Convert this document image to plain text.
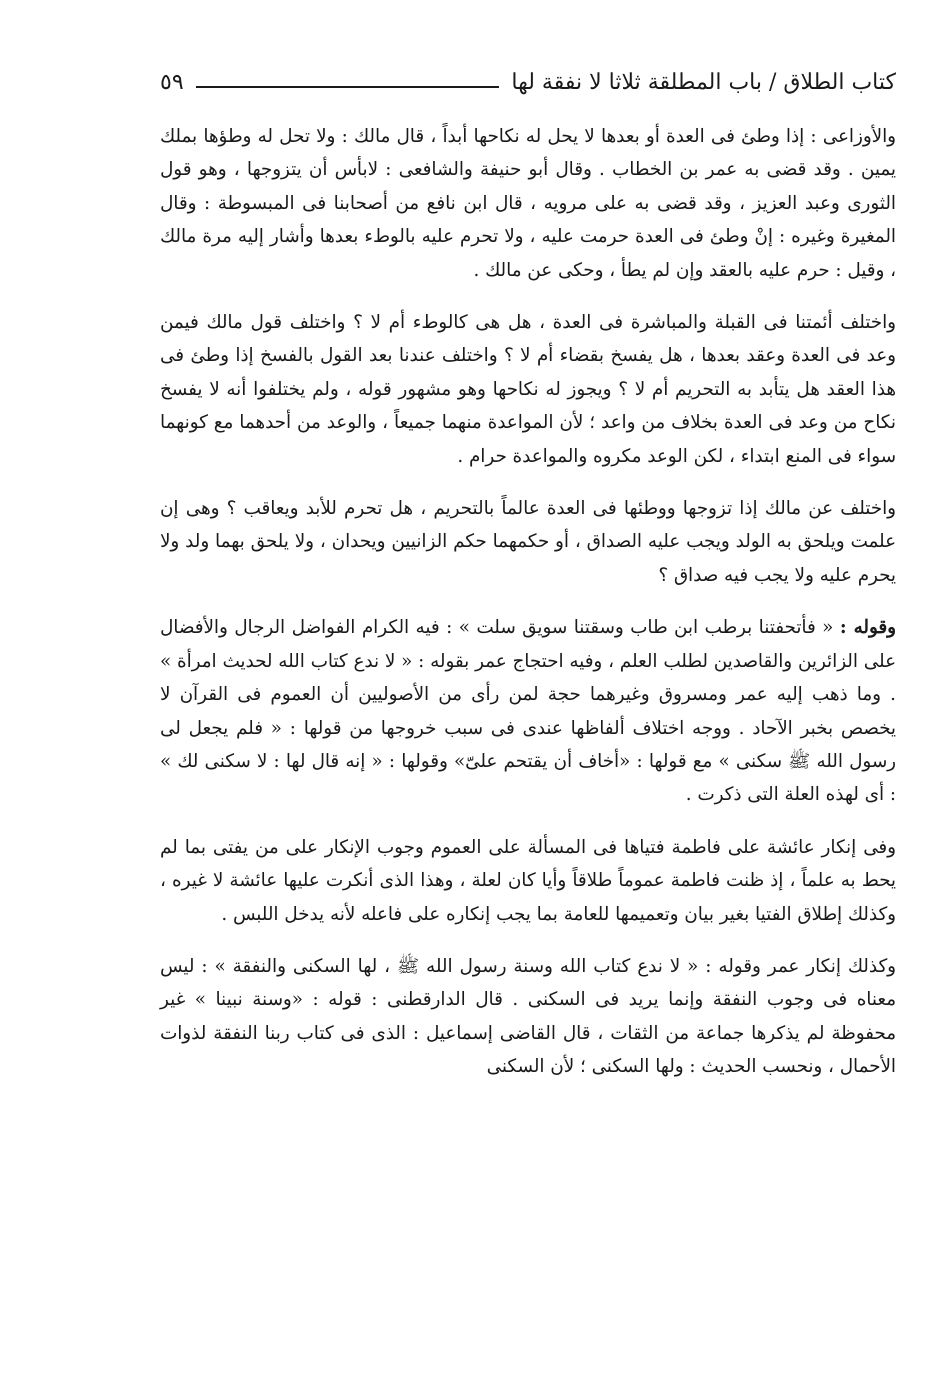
كتاب الطلاق / باب المطلقة ثلاثا لا نفقة لها
٥٩

والأوزاعى : إذا وطئ فى العدة أو بعدها لا يحل له نكاحها أبداً ، قال مالك : ولا تحل له وطؤها بملك يمين . وقد قضى به عمر بن الخطاب . وقال أبو حنيفة والشافعى : لابأس أن يتزوجها ، وهو قول الثورى وعبد العزيز ، وقد قضى به على مرويه ، قال ابن نافع من أصحابنا فى المبسوطة : وقال المغيرة وغيره : إنْ وطئ فى العدة حرمت عليه ، ولا تحرم عليه بالوطء بعدها وأشار إليه مرة مالك ، وقيل : حرم عليه بالعقد وإن لم يطأ ، وحكى عن مالك .

واختلف أئمتنا فى القبلة والمباشرة فى العدة ، هل هى كالوطء أم لا ؟ واختلف قول مالك فيمن وعد فى العدة وعقد بعدها ، هل يفسخ بقضاء أم لا ؟ واختلف عندنا بعد القول بالفسخ إذا وطئ فى هذا العقد هل يتأبد به التحريم أم لا ؟ ويجوز له نكاحها وهو مشهور قوله ، ولم يختلفوا أنه لا يفسخ نكاح من وعد فى العدة بخلاف من واعد ؛ لأن المواعدة منهما جميعاً ، والوعد من أحدهما مع كونهما سواء فى المنع ابتداء ، لكن الوعد مكروه والمواعدة حرام .

واختلف عن مالك إذا تزوجها ووطئها فى العدة عالماً بالتحريم ، هل تحرم للأبد ويعاقب ؟ وهى إن علمت ويلحق به الولد ويجب عليه الصداق ، أو حكمهما حكم الزانيين ويحدان ، ولا يلحق بهما ولد ولا يحرم عليه ولا يجب فيه صداق ؟

وقوله : « فأتحفتنا برطب ابن طاب وسقتنا سويق سلت » : فيه الكرام الفواضل الرجال والأفضال على الزائرين والقاصدين لطلب العلم ، وفيه احتجاج عمر بقوله : « لا ندع كتاب الله لحديث امرأة » . وما ذهب إليه عمر ومسروق وغيرهما حجة لمن رأى من الأصوليين أن العموم فى القرآن لا يخصص بخبر الآحاد . ووجه اختلاف ألفاظها عندى فى سبب خروجها من قولها : « فلم يجعل لى رسول الله ﷺ سكنى » مع قولها : «أخاف أن يقتحم علىّ» وقولها : « إنه قال لها : لا سكنى لك » : أى لهذه العلة التى ذكرت .

وفى إنكار عائشة على فاطمة فتياها فى المسألة على العموم وجوب الإنكار على من يفتى بما لم يحط به علماً ، إذ ظنت فاطمة عموماً طلاقاً وأيا كان لعلة ، وهذا الذى أنكرت عليها عائشة لا غيره ، وكذلك إطلاق الفتيا بغير بيان وتعميمها للعامة بما يجب إنكاره على فاعله لأنه يدخل اللبس .

وكذلك إنكار عمر وقوله : « لا ندع كتاب الله وسنة رسول الله ﷺ ، لها السكنى والنفقة » : ليس معناه فى وجوب النفقة وإنما يريد فى السكنى . قال الدارقطنى : قوله : «وسنة نبينا » غير محفوظة لم يذكرها جماعة من الثقات ، قال القاضى إسماعيل : الذى فى كتاب ربنا النفقة لذوات الأحمال ، ونحسب الحديث : ولها السكنى ؛ لأن السكنى
